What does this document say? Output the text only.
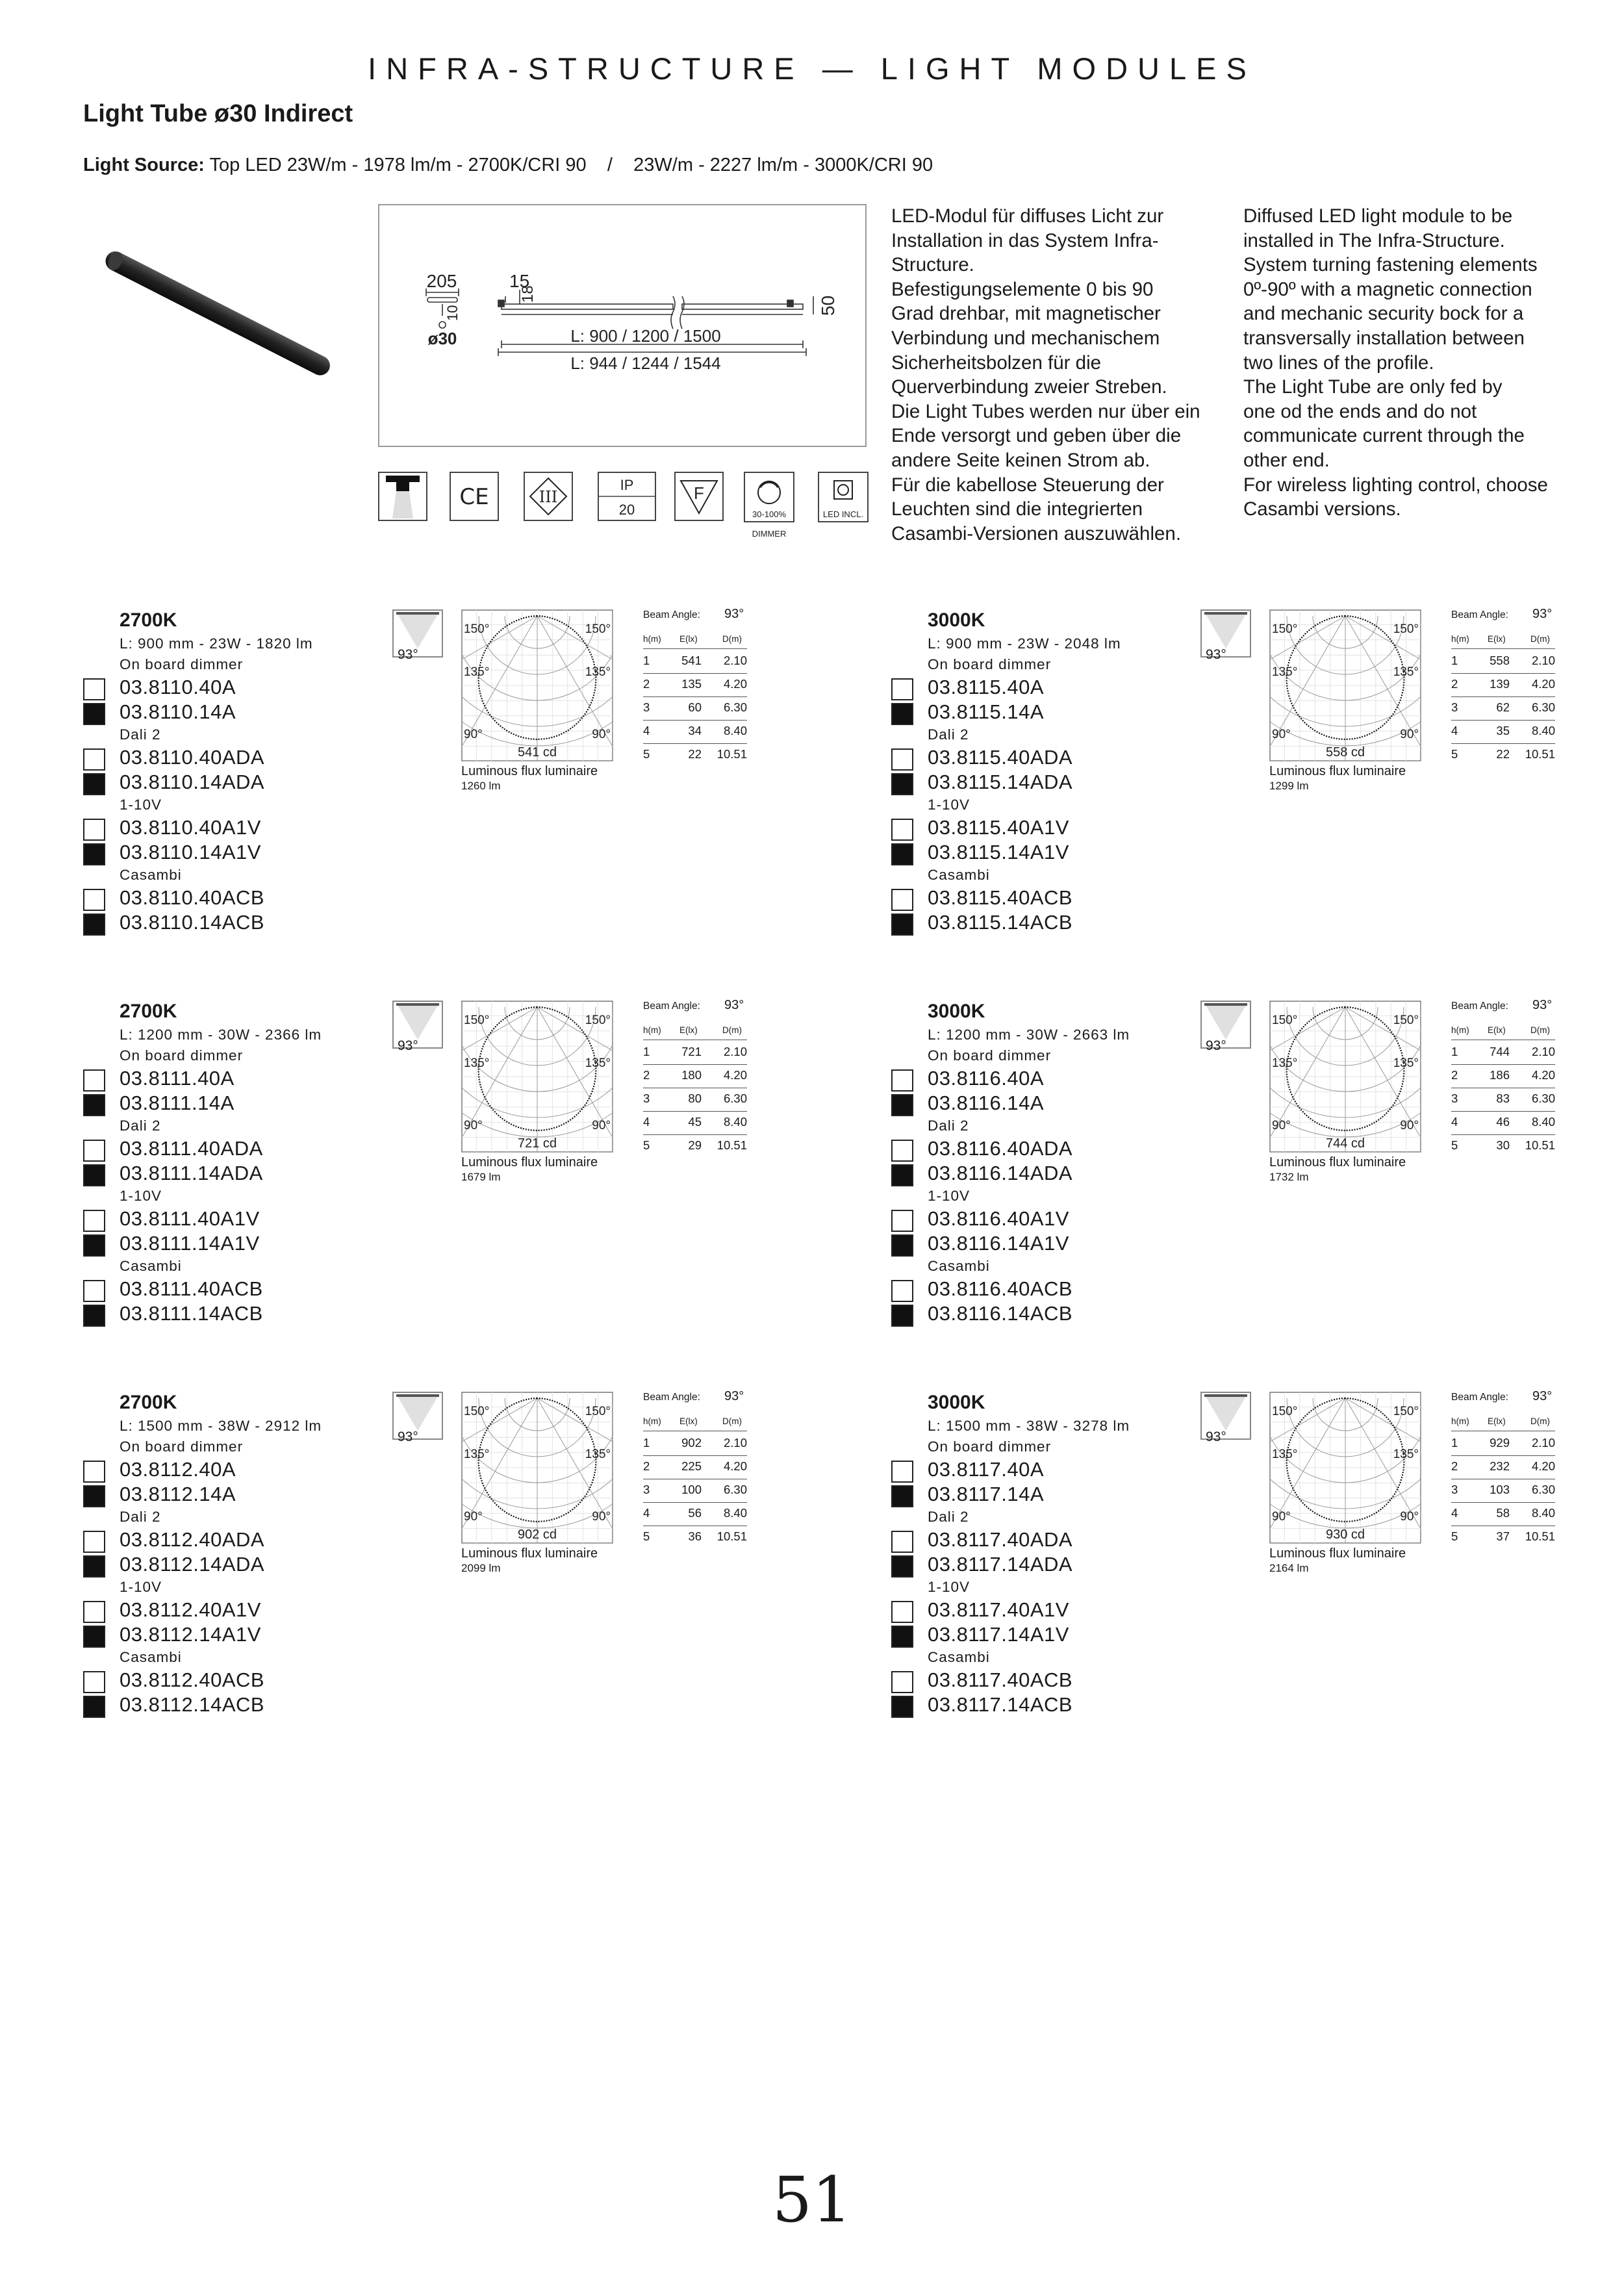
INFRA-STRUCTURE — LIGHT MODULES
Light Tube ø30 Indirect
Light Source: Top LED 23W/m - 1978 lm/m - 2700K/CRI 90    /    23W/m - 2227 lm/m - 3000K/CRI 90
205	15
18
10	50
ø30	L: 900 / 1200 / 1500
L: 944 / 1244 / 1544
LED-Modul für diffuses Licht zur
Installation in das System Infra-
Structure.
Befestigungselemente 0 bis 90
Grad drehbar, mit magnetischer
Verbindung und mechanischem
Sicherheitsbolzen für die
Querverbindung zweier Streben.
Die Light Tubes werden nur über ein
Ende versorgt und geben über die
andere Seite keinen Strom ab.
Für die kabellose Steuerung der
Leuchten sind die integrierten
Casambi-Versionen auszuwählen.
Diffused LED light module to be
installed in The Infra-Structure.
System turning fastening elements
0º-90º with a magnetic connection
and mechanic security bock for a
transversally installation between
two lines of the profile.
The Light Tube are only fed by
one od the ends and do not
communicate current through the
other end.
For wireless lighting control, choose
Casambi versions.
CE	III
IP
20
F
30-100%
DIMMER
LED INCL.
2700K
L: 900 mm - 23W - 1820 lm
On board dimmer
03.8110.40A
03.8110.14A
Dali 2
03.8110.40ADA
03.8110.14ADA
1-10V
03.8110.40A1V
03.8110.14A1V
Casambi
03.8110.40ACB
03.8110.14ACB
93°
150°	150°
135°	135°
90°	90°
541 cd
Luminous flux luminaire
1260 lm
Beam Angle: 93°
h(m) E(lx)	D(m)
1	541	2.10
2	135	4.20
3	60	6.30
4	34	8.40
5	22	10.51
3000K
L: 900 mm - 23W - 2048 lm
On board dimmer
03.8115.40A
03.8115.14A
Dali 2
03.8115.40ADA
03.8115.14ADA
1-10V
03.8115.40A1V
03.8115.14A1V
Casambi
03.8115.40ACB
03.8115.14ACB
93°
150°	150°
135°	135°
90°	90°
558 cd
Luminous flux luminaire
1299 lm
Beam Angle: 93°
h(m) E(lx)	D(m)
1	558	2.10
2	139	4.20
3	62	6.30
4	35	8.40
5	22	10.51
2700K
L: 1200 mm - 30W - 2366 lm
On board dimmer
03.8111.40A
03.8111.14A
Dali 2
03.8111.40ADA
03.8111.14ADA
1-10V
03.8111.40A1V
03.8111.14A1V
Casambi
03.8111.40ACB
03.8111.14ACB
93°
150°	150°
135°	135°
90°	90°
721 cd
Luminous flux luminaire
1679 lm
Beam Angle: 93°
h(m) E(lx)	D(m)
1	721	2.10
2	180	4.20
3	80	6.30
4	45	8.40
5	29	10.51
3000K
L: 1200 mm - 30W - 2663 lm
On board dimmer
03.8116.40A
03.8116.14A
Dali 2
03.8116.40ADA
03.8116.14ADA
1-10V
03.8116.40A1V
03.8116.14A1V
Casambi
03.8116.40ACB
03.8116.14ACB
93°
150°	150°
135°	135°
90°	90°
744 cd
Luminous flux luminaire
1732 lm
Beam Angle: 93°
h(m) E(lx)	D(m)
1	744	2.10
2	186	4.20
3	83	6.30
4	46	8.40
5	30	10.51
2700K
L: 1500 mm - 38W - 2912 lm
On board dimmer
03.8112.40A
03.8112.14A
Dali 2
03.8112.40ADA
03.8112.14ADA
1-10V
03.8112.40A1V
03.8112.14A1V
Casambi
03.8112.40ACB
03.8112.14ACB
93°
150°	150°
135°	135°
90°	90°
902 cd
Luminous flux luminaire
2099 lm
Beam Angle: 93°
h(m) E(lx)	D(m)
1	902	2.10
2	225	4.20
3	100	6.30
4	56	8.40
5	36	10.51
3000K
L: 1500 mm - 38W - 3278 lm
On board dimmer
03.8117.40A
03.8117.14A
Dali 2
03.8117.40ADA
03.8117.14ADA
1-10V
03.8117.40A1V
03.8117.14A1V
Casambi
03.8117.40ACB
03.8117.14ACB
93°
150°	150°
135°	135°
90°	90°
930 cd
Luminous flux luminaire
2164 lm
Beam Angle: 93°
h(m) E(lx)	D(m)
1	929	2.10
2	232	4.20
3	103	6.30
4	58	8.40
5	37	10.51
51
